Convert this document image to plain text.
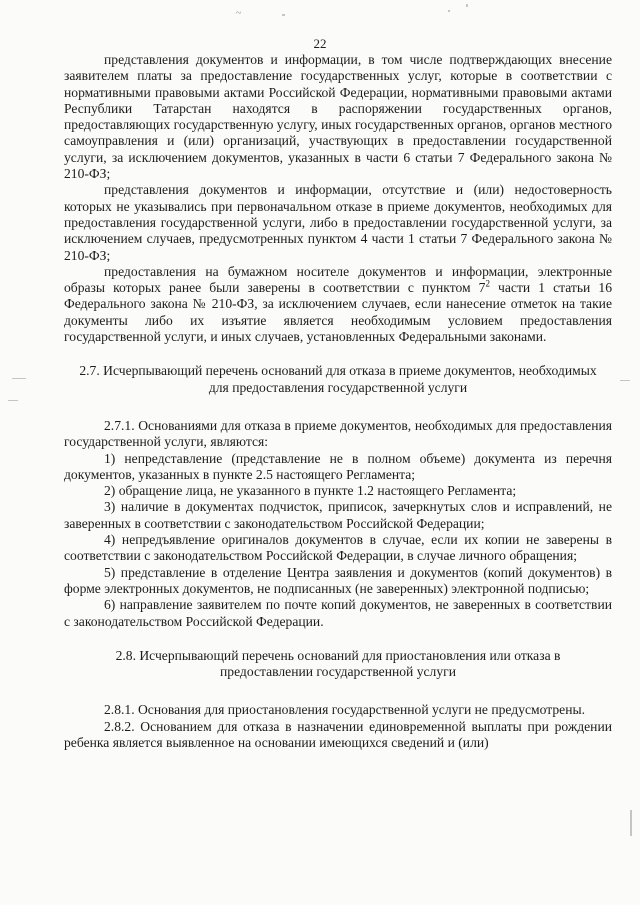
~
22

представления документов и информации, в том числе подтверждающих внесение заявителем платы за предоставление государственных услуг, которые в соответствии с нормативными правовыми актами Российской Федерации, нормативными правовыми актами Республики Татарстан находятся в распоряжении государственных органов, предоставляющих государственную услугу, иных государственных органов, органов местного самоуправления и (или) организаций, участвующих в предоставлении государственной услуги, за исключением документов, указанных в части 6 статьи 7 Федерального закона № 210-ФЗ;

представления документов и информации, отсутствие и (или) недостоверность которых не указывались при первоначальном отказе в приеме документов, необходимых для предоставления государственной услуги, либо в предоставлении государственной услуги, за исключением случаев, предусмотренных пунктом 4 части 1 статьи 7 Федерального закона № 210-ФЗ;

предоставления на бумажном носителе документов и информации, электронные образы которых ранее были заверены в соответствии с пунктом $7^2$ части 1 статьи 16 Федерального закона № 210-ФЗ, за исключением случаев, если нанесение отметок на такие документы либо их изъятие является необходимым условием предоставления государственной услуги, и иных случаев, установленных Федеральными законами.

2.7. Исчерпывающий перечень оснований для отказа в приеме документов, необходимых для предоставления государственной услуги

2.7.1. Основаниями для отказа в приеме документов, необходимых для предоставления государственной услуги, являются:

1) непредставление (представление не в полном объеме) документа из перечня документов, указанных в пункте 2.5 настоящего Регламента;

2) обращение лица, не указанного в пункте 1.2 настоящего Регламента;

3) наличие в документах подчисток, приписок, зачеркнутых слов и исправлений, не заверенных в соответствии с законодательством Российской Федерации;

4) непредъявление оригиналов документов в случае, если их копии не заверены в соответствии с законодательством Российской Федерации, в случае личного обращения;

5) представление в отделение Центра заявления и документов (копий документов) в форме электронных документов, не подписанных (не заверенных) электронной подписью;

6) направление заявителем по почте копий документов, не заверенных в соответствии с законодательством Российской Федерации.

2.8. Исчерпывающий перечень оснований для приостановления или отказа в предоставлении государственной услуги

2.8.1. Основания для приостановления государственной услуги не предусмотрены.

2.8.2. Основанием для отказа в назначении единовременной выплаты при рождении ребенка является выявленное на основании имеющихся сведений и (или)
